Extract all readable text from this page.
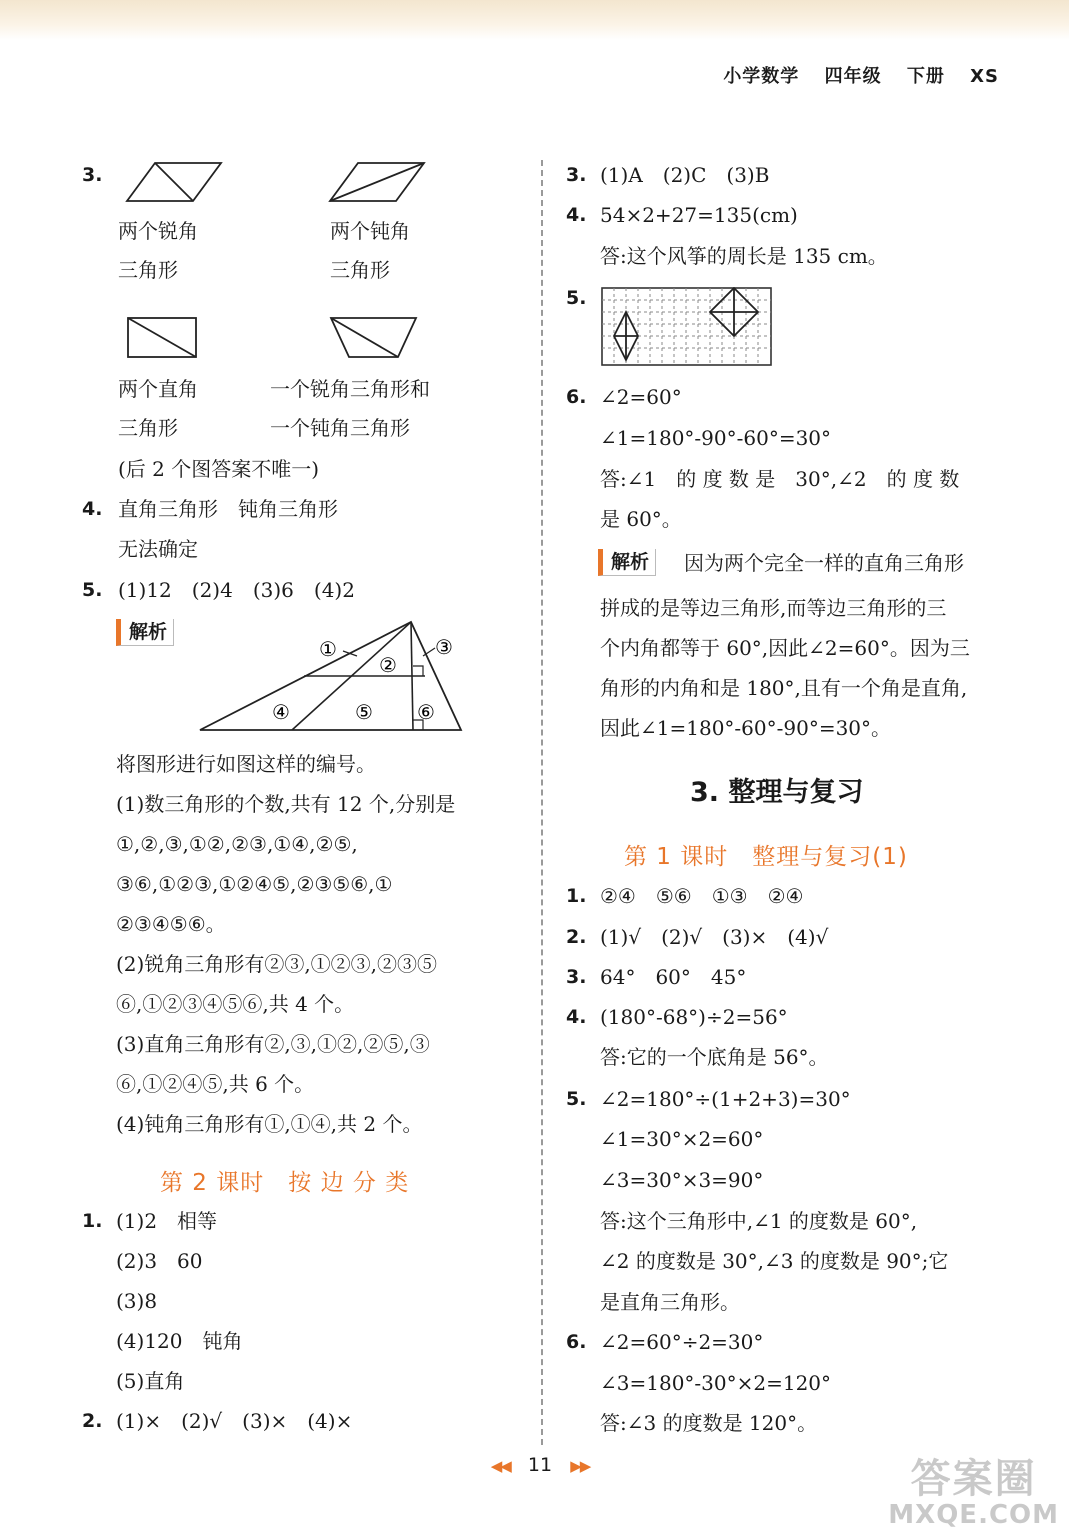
小学数学 四年级 下册 XS
3.
两个锐角
三角形
两个钝角
三角形
两个直角
三角形
一个锐角三角形和
一个钝角三角形
(后 2 个图答案不唯一)
4. 直角三角形　钝角三角形
无法确定
5. (1)12　(2)4　(3)6　(4)2
解析
①
②
③
④	⑤ ⑥
将图形进行如图这样的编号。
(1)数三角形的个数,共有 12 个,分别是
①,②,③,①②,②③,①④,②⑤,
③⑥,①②③,①②④⑤,②③⑤⑥,①
②③④⑤⑥。
(2)锐角三角形有②③,①②③,②③⑤
⑥,①②③④⑤⑥,共 4 个。
(3)直角三角形有②,③,①②,②⑤,③
⑥,①②④⑤,共 6 个。
(4)钝角三角形有①,①④,共 2 个。
第 2 课时　按 边 分 类
1. (1)2　相等
(2)3　60
(3)8
(4)120　钝角
(5)直角
2. (1)×　(2)√　(3)×　(4)×
3. (1)A　(2)C　(3)B
4. 54×2+27=135(cm)
答:这个风筝的周长是 135 cm。
5.
6. ∠2=60°
∠1=180°-90°-60°=30°
答:∠1　的 度 数 是　30°,∠2　的 度 数
是 60°。
解析	因为两个完全一样的直角三角形
拼成的是等边三角形,而等边三角形的三
个内角都等于 60°,因此∠2=60°。因为三
角形的内角和是 180°,且有一个角是直角,
因此∠1=180°-60°-90°=30°。
3. 整理与复习
第 1 课时　整理与复习(1)
1. ②④　⑤⑥　①③　②④
2. (1)√　(2)√　(3)×　(4)√
3. 64°　60°　45°
4. (180°-68°)÷2=56°
答:它的一个底角是 56°。
5. ∠2=180°÷(1+2+3)=30°
∠1=30°×2=60°
∠3=30°×3=90°
答:这个三角形中,∠1 的度数是 60°,
∠2 的度数是 30°,∠3 的度数是 90°;它
是直角三角形。
6. ∠2=60°÷2=30°
∠3=180°-30°×2=120°
答:∠3 的度数是 120°。
◀◀ 11 ▶▶	答案圈
MXQE.COM
